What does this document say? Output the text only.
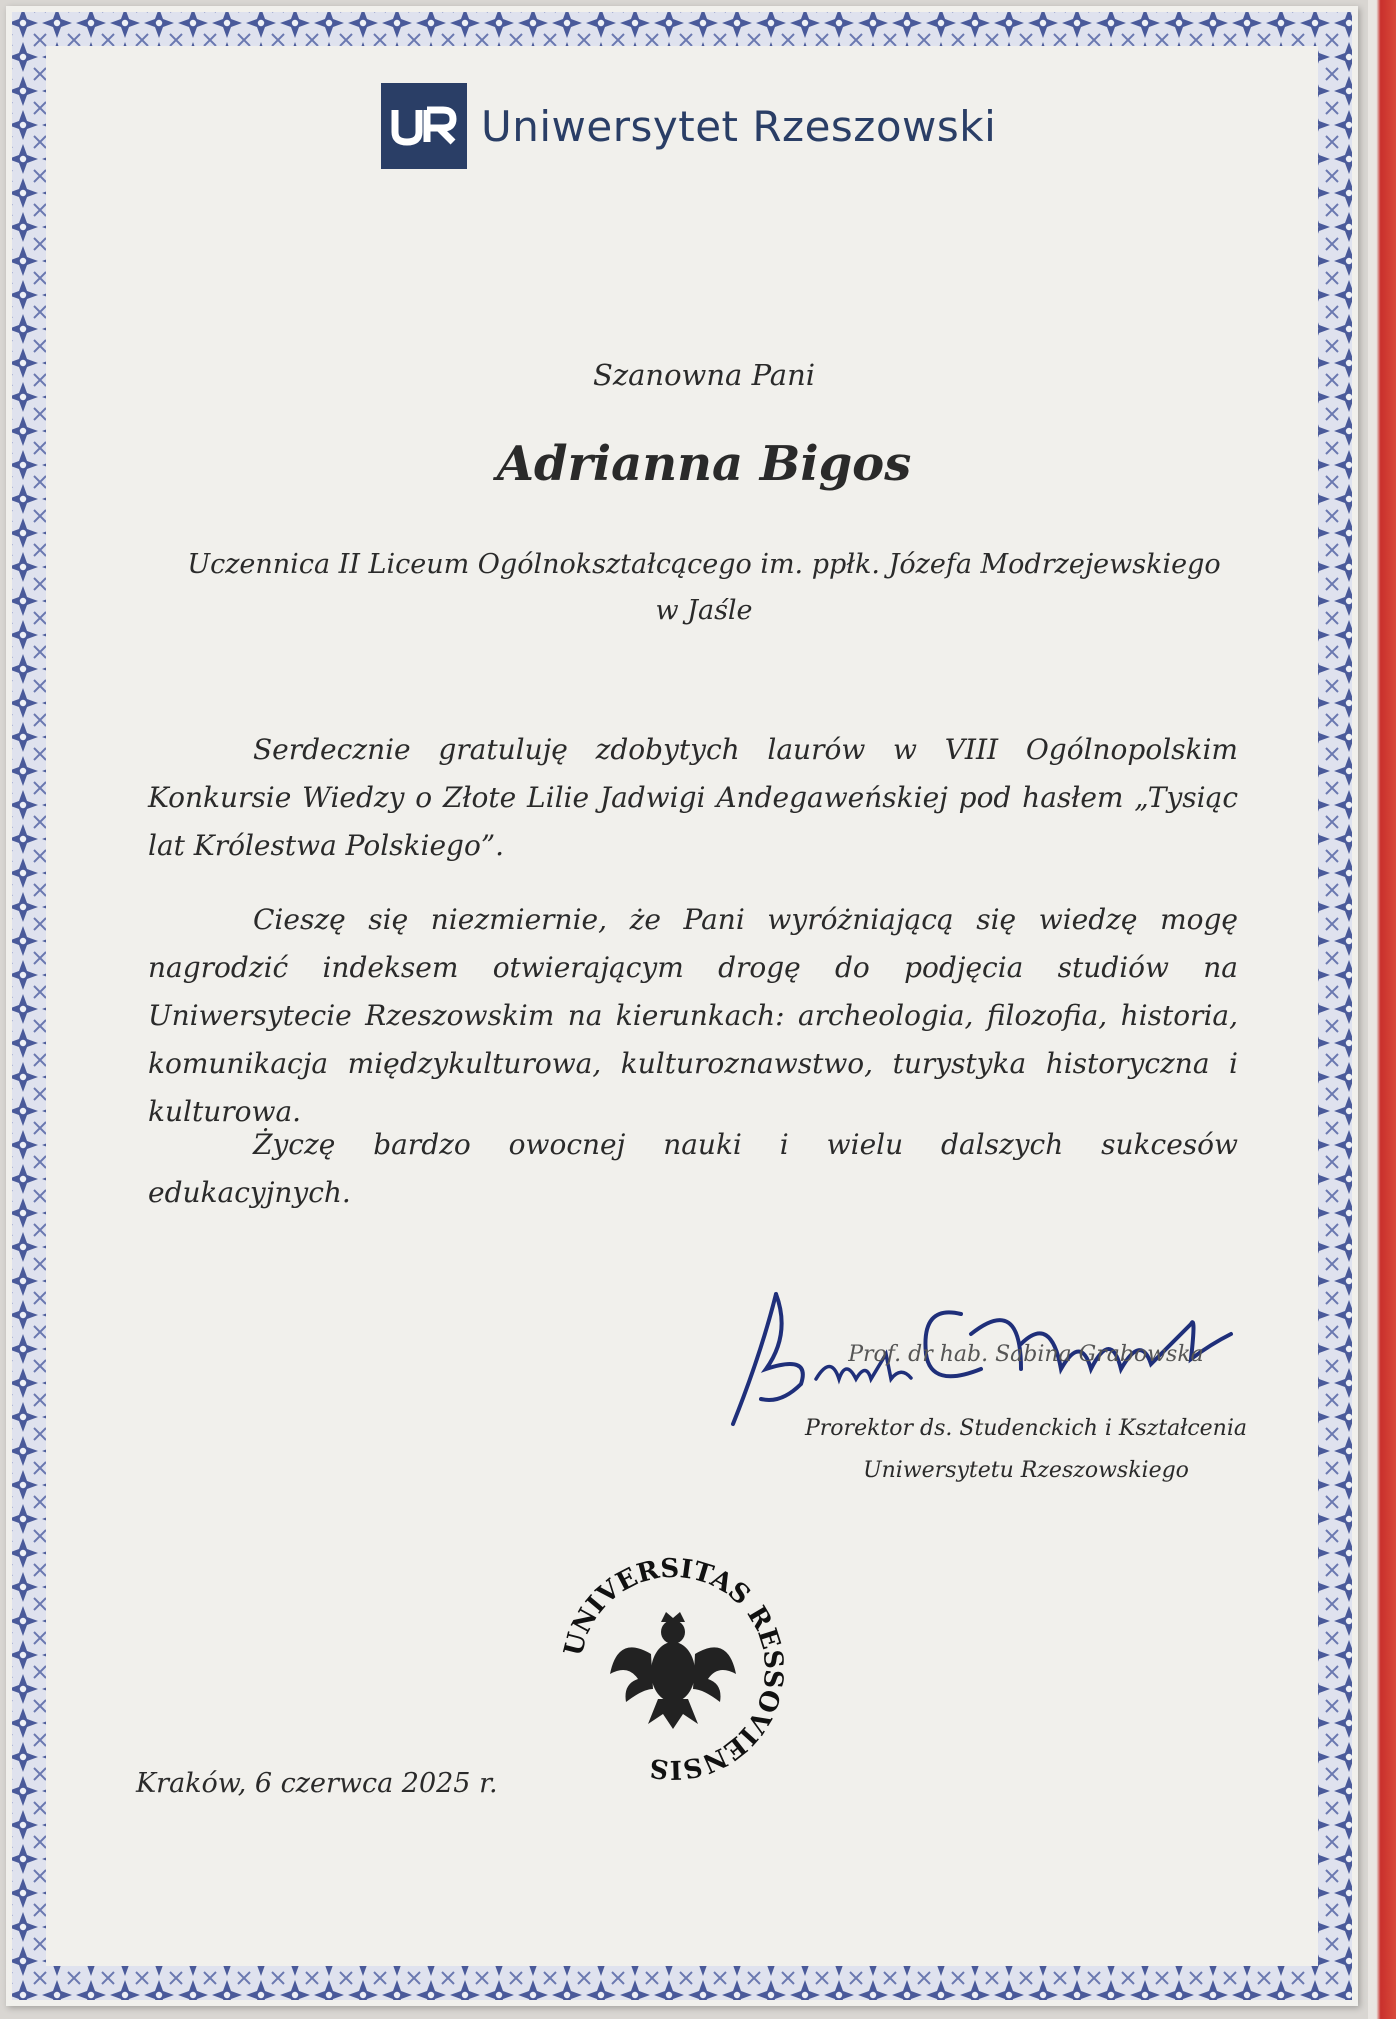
Uniwersytet Rzeszowski
Szanowna Pani
Adrianna Bigos
Uczennica II Liceum Ogólnokształcącego im. ppłk. Józefa Modrzejewskiego
w Jaśle
Serdecznie gratuluję zdobytych laurów w VIII Ogólnopolskim Konkursie Wiedzy o Złote Lilie Jadwigi Andegaweńskiej pod hasłem „Tysiąc lat Królestwa Polskiego”.
Cieszę się niezmiernie, że Pani wyróżniającą się wiedzę mogę nagrodzić indeksem otwierającym drogę do podjęcia studiów na Uniwersytecie Rzeszowskim na kierunkach: archeologia, filozofia, historia, komunikacja międzykulturowa, kulturoznawstwo, turystyka historyczna i kulturowa.
Życzę bardzo owocnej nauki i wielu dalszych sukcesów edukacyjnych.
Prof. dr hab. Sabina Grabowska
Prorektor ds. Studenckich i Kształcenia
Uniwersytetu Rzeszowskiego
UNIVERSITAS RESSOVIENSIS
Kraków, 6 czerwca 2025 r.
